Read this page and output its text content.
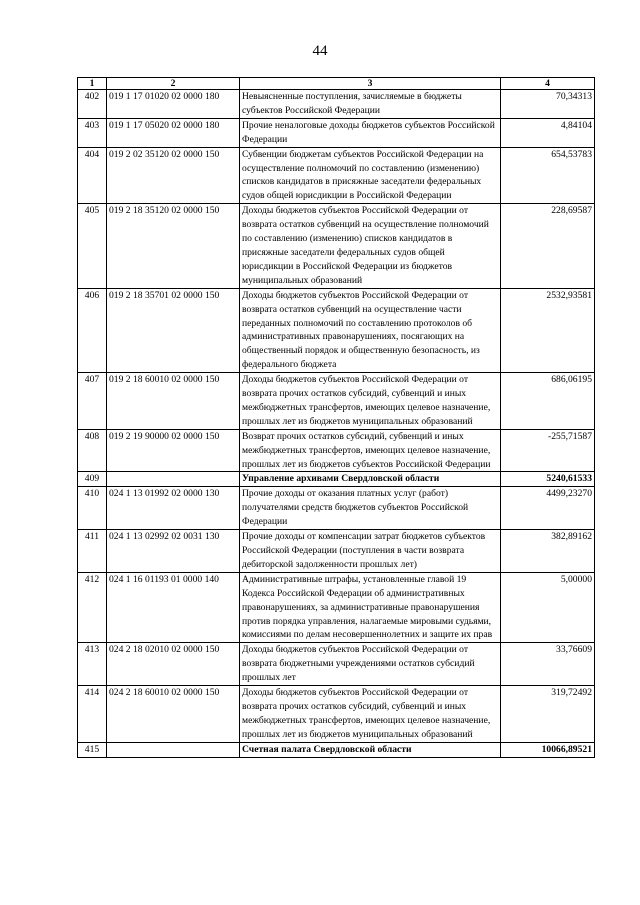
44
1	2	3	4
402	019 1 17 01020 02 0000 180	Невыясненные поступления, зачисляемые в бюджеты субъектов Российской Федерации	70,34313
403	019 1 17 05020 02 0000 180	Прочие неналоговые доходы бюджетов субъектов Российской Федерации	4,84104
404	019 2 02 35120 02 0000 150	Субвенции бюджетам субъектов Российской Федерации на осуществление полномочий по составлению (изменению) списков кандидатов в присяжные заседатели федеральных судов общей юрисдикции в Российской Федерации	654,53783
405	019 2 18 35120 02 0000 150	Доходы бюджетов субъектов Российской Федерации от возврата остатков субвенций на осуществление полномочий по составлению (изменению) списков кандидатов в присяжные заседатели федеральных судов общей юрисдикции в Российской Федерации из бюджетов муниципальных образований	228,69587
406	019 2 18 35701 02 0000 150	Доходы бюджетов субъектов Российской Федерации от возврата остатков субвенций на осуществление части переданных полномочий по составлению протоколов об административных правонарушениях, посягающих на общественный порядок и общественную безопасность, из федерального бюджета	2532,93581
407	019 2 18 60010 02 0000 150	Доходы бюджетов субъектов Российской Федерации от возврата прочих остатков субсидий, субвенций и иных межбюджетных трансфертов, имеющих целевое назначение, прошлых лет из бюджетов муниципальных образований	686,06195
408	019 2 19 90000 02 0000 150	Возврат прочих остатков субсидий, субвенций и иных межбюджетных трансфертов, имеющих целевое назначение, прошлых лет из бюджетов субъектов Российской Федерации	-255,71587
409		Управление архивами Свердловской области	5240,61533
410	024 1 13 01992 02 0000 130	Прочие доходы от оказания платных услуг (работ) получателями средств бюджетов субъектов Российской Федерации	4499,23270
411	024 1 13 02992 02 0031 130	Прочие доходы от компенсации затрат бюджетов субъектов Российской Федерации (поступления в части возврата дебиторской задолженности прошлых лет)	382,89162
412	024 1 16 01193 01 0000 140	Административные штрафы, установленные главой 19 Кодекса Российской Федерации об административных правонарушениях, за административные правонарушения против порядка управления, налагаемые мировыми судьями, комиссиями по делам несовершеннолетних и защите их прав	5,00000
413	024 2 18 02010 02 0000 150	Доходы бюджетов субъектов Российской Федерации от возврата бюджетными учреждениями остатков субсидий прошлых лет	33,76609
414	024 2 18 60010 02 0000 150	Доходы бюджетов субъектов Российской Федерации от возврата прочих остатков субсидий, субвенций и иных межбюджетных трансфертов, имеющих целевое назначение, прошлых лет из бюджетов муниципальных образований	319,72492
415		Счетная палата Свердловской области	10066,89521
